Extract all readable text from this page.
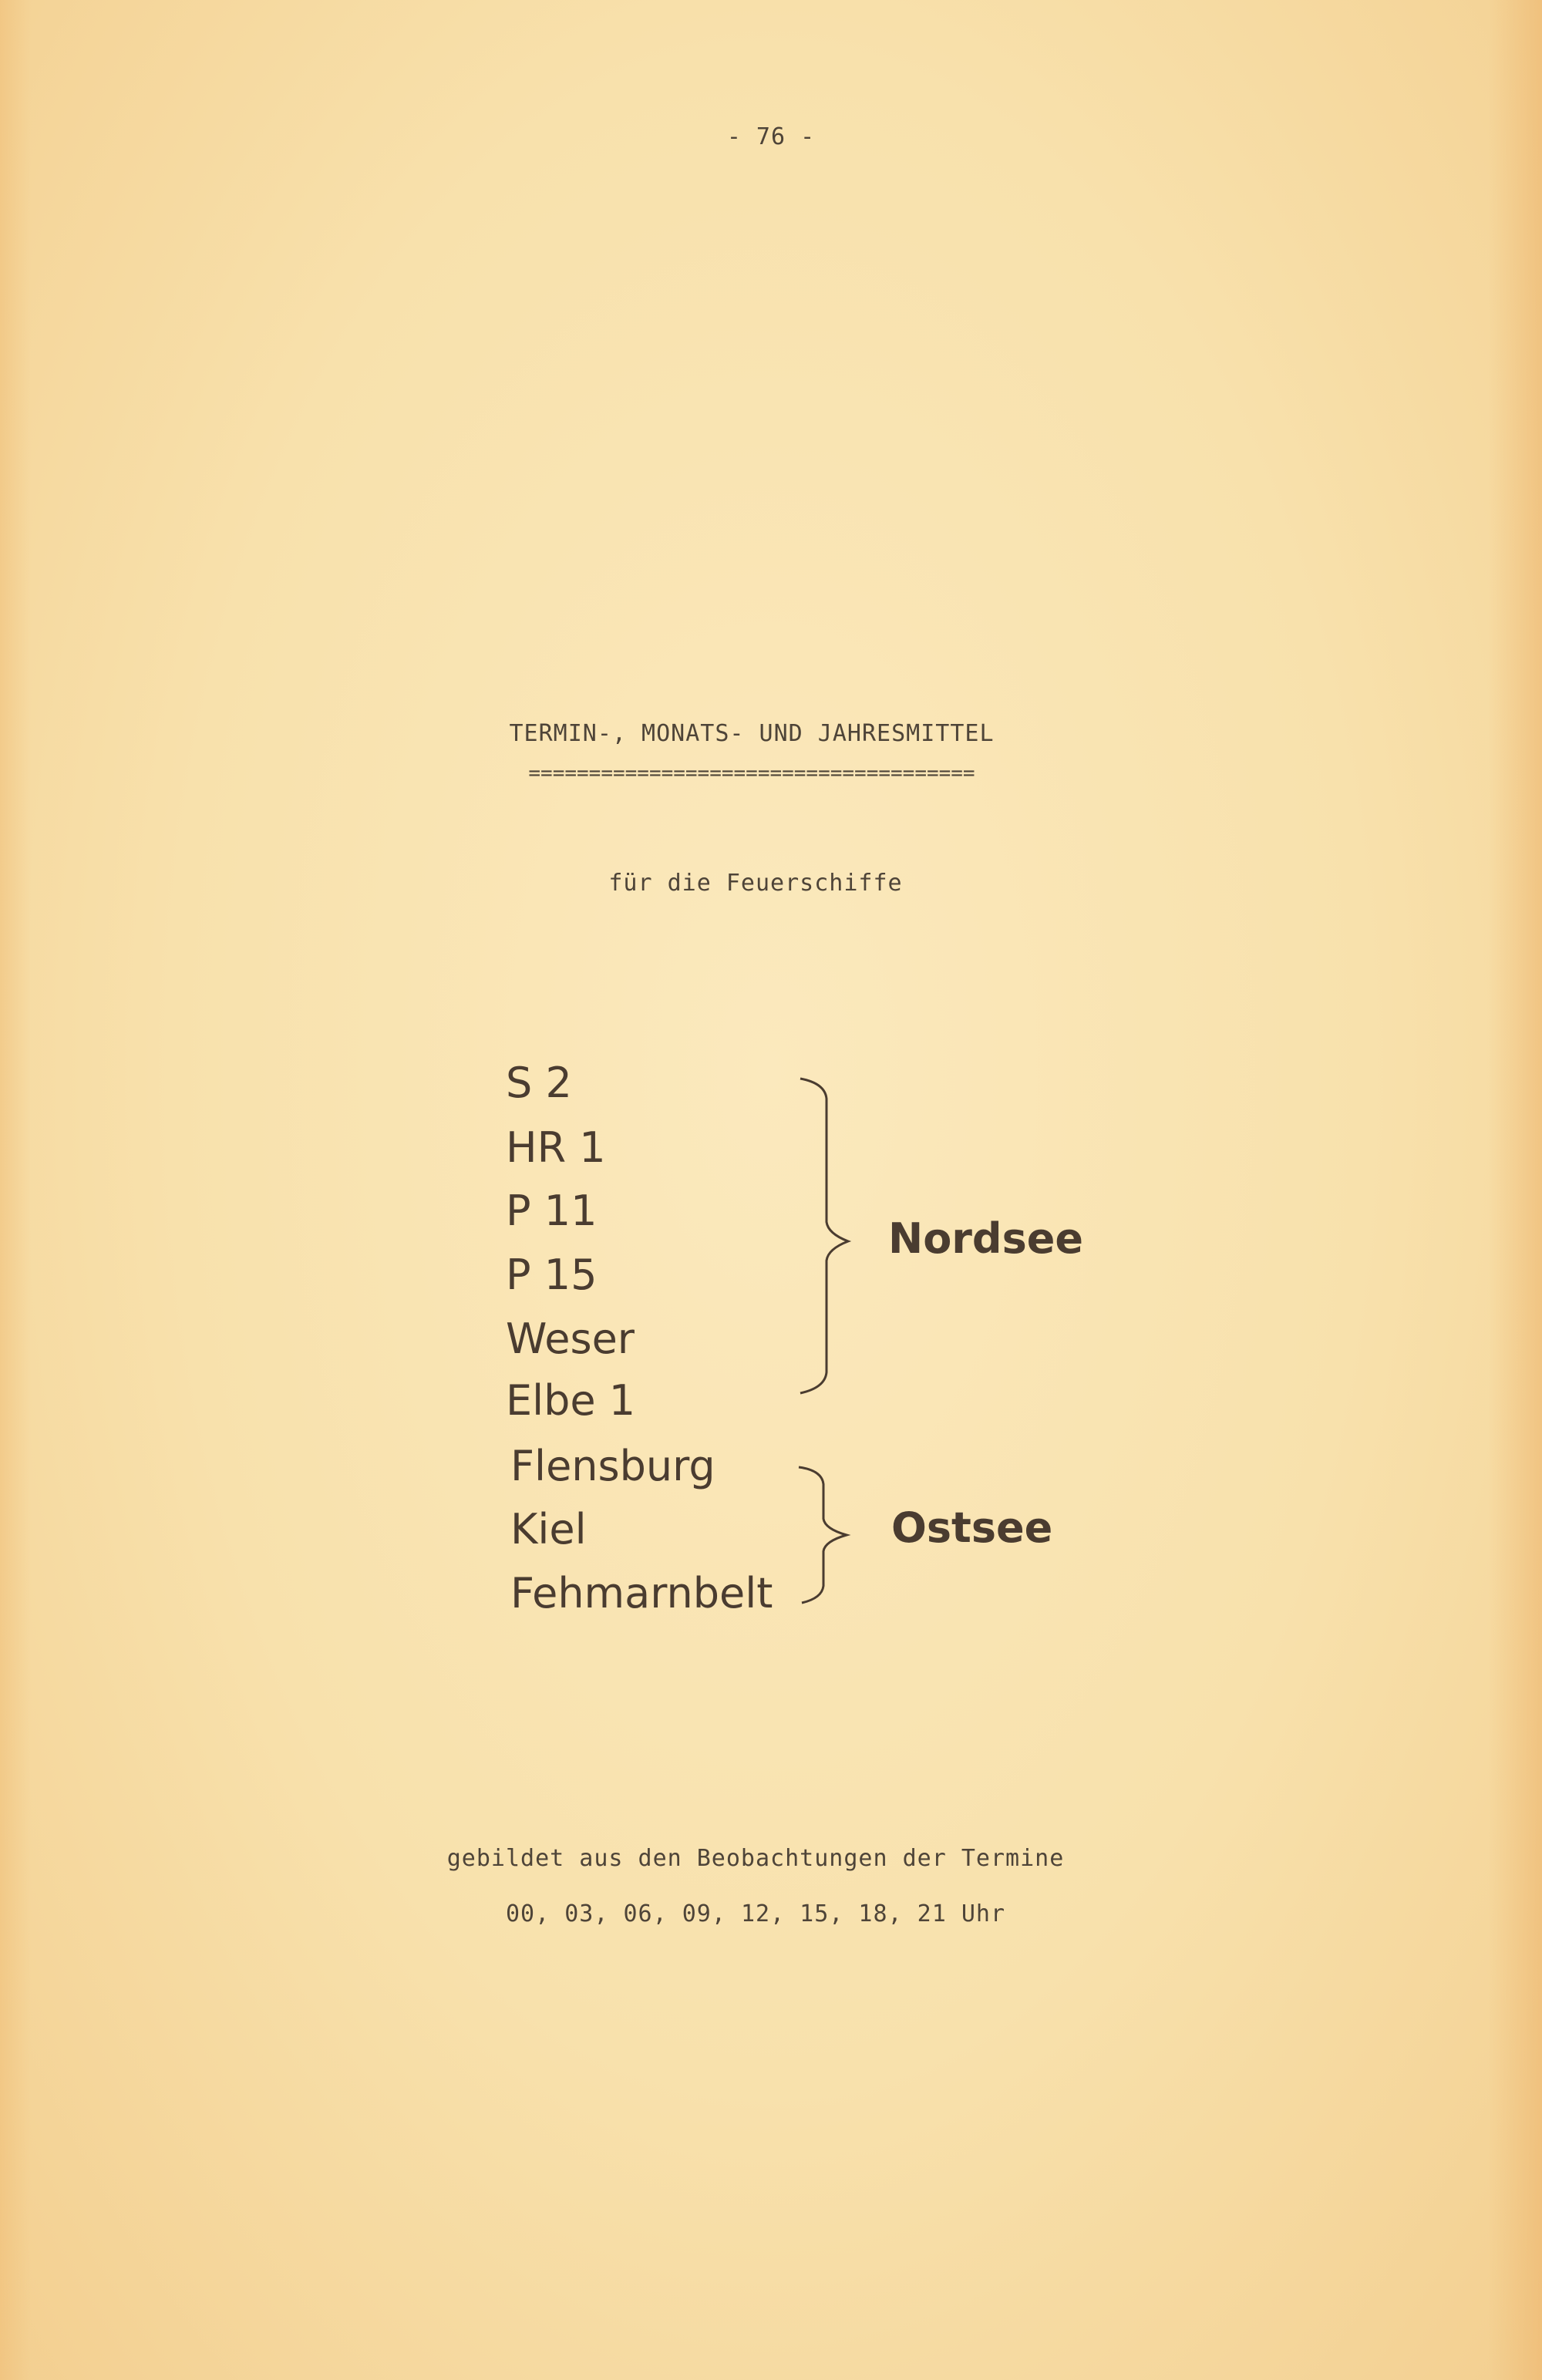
- 76 -
TERMIN-, MONATS- UND JAHRESMITTEL
=====================================
für die Feuerschiffe
S 2
HR 1
P 11
P 15
Weser
Elbe 1
Nordsee
Flensburg
Kiel
Fehmarnbelt
Ostsee
gebildet aus den Beobachtungen der Termine
00, 03, 06, 09, 12, 15, 18, 21 Uhr
